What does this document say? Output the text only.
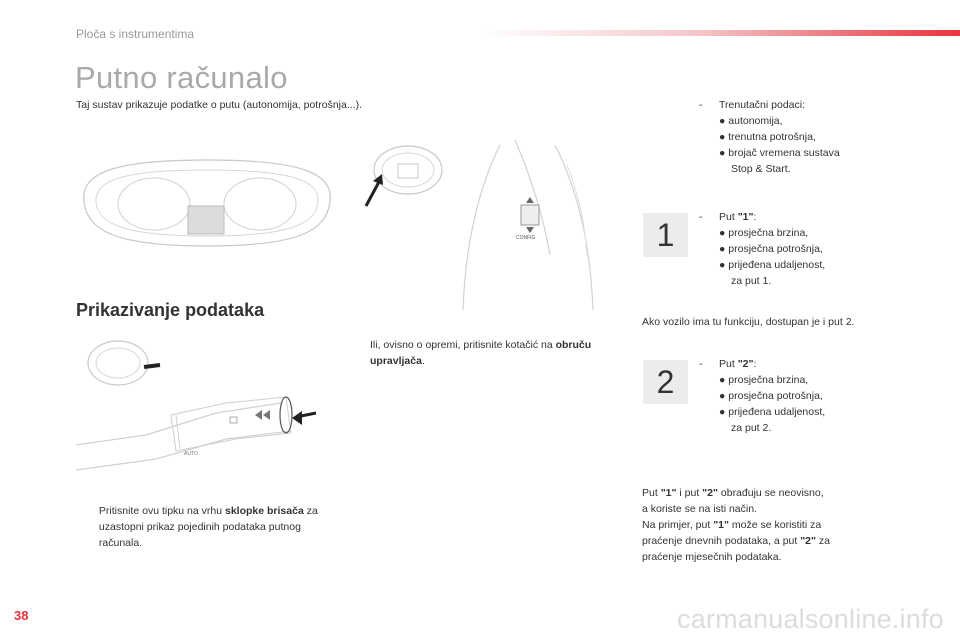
Ploča s instrumentima
Putno računalo
Taj sustav prikazuje podatke o putu (autonomija, potrošnja...).
CONFIG
Prikazivanje podataka
AUTO
Pritisnite ovu tipku na vrhu sklopke brisača za uzastopni prikaz pojedinih podataka putnog računala.
Ili, ovisno o opremi, pritisnite kotačić na obruču upravljača.
- Trenutačni podaci:
● autonomija,
● trenutna potrošnja,
● brojač vremena sustava
Stop & Start.
1	- Put "1":
● prosječna brzina,
● prosječna potrošnja,
● prijeđena udaljenost,
za put 1.
Ako vozilo ima tu funkciju, dostupan je i put 2.
2	- Put "2":
● prosječna brzina,
● prosječna potrošnja,
● prijeđena udaljenost,
za put 2.
Put "1" i put "2" obrađuju se neovisno,
a koriste se na isti način.
Na primjer, put "1" može se koristiti za
praćenje dnevnih podataka, a put "2" za
praćenje mjesečnih podataka.
38	carmanualsonline.info
